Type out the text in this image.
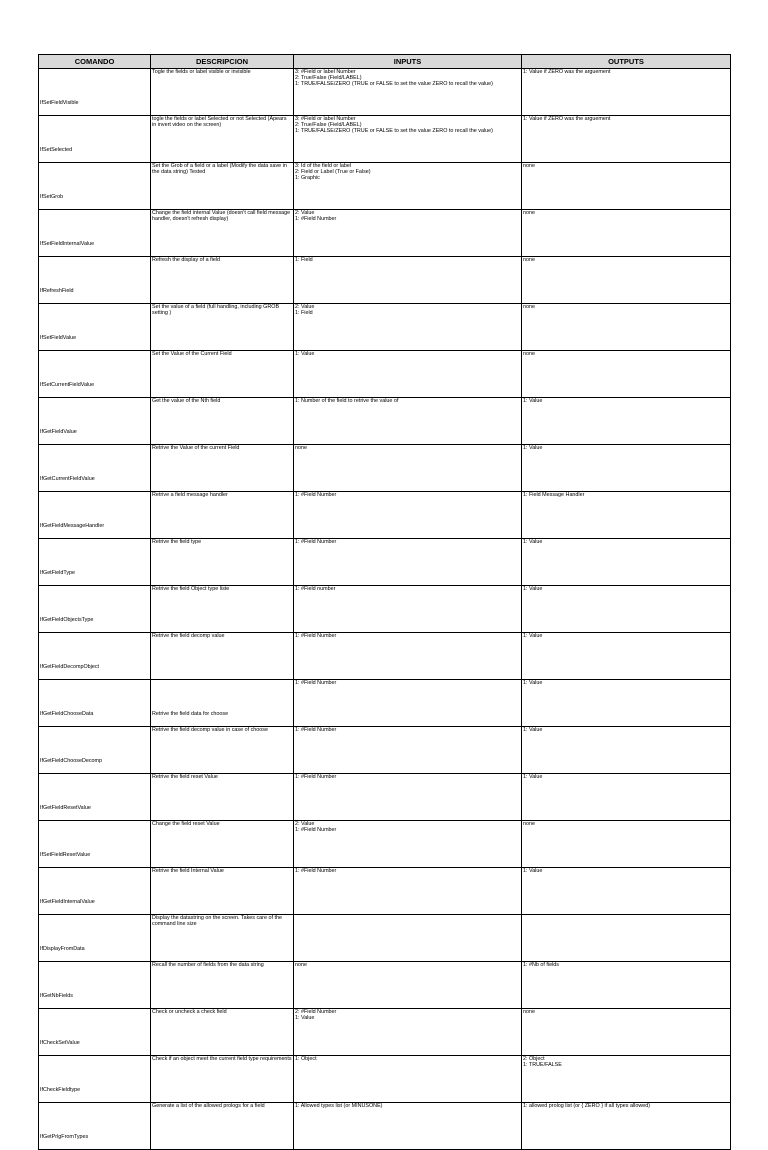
COMANDO	DESCRIPCION	INPUTS	OUTPUTS
IfSetFieldVisible	Togle the fields or label visible or invisible	3: #Field or label Number
2: True/False (Field/LABEL)
1: TRUE/FALSE/ZERO (TRUE or FALSE to set the value ZERO to recall the value)	1: Value if ZERO was the arguement
IfSetSelected	togle the fields or label Selected or not Selected (Apears in invert video on the screen)	3: #Field or label Number
2: True/False (Field/LABEL)
1: TRUE/FALSE/ZERO (TRUE or FALSE to set the value ZERO to recall the value)	1: Value if ZERO was the arguement
IfSetGrob	Set the Grob of a field or a label (Modify the data save in the data string) Tested	3: Id of the field or label
2: Field or Label (True or False)
1: Graphic	none
IfSetFieldInternalValue	Change the field internal Value (doesn't call field message handler, doesn't refresh display)	2: Value
1: #Field Number	none
IfRefreshField	Refresh the display of a field	1: Field	none
IfSetFieldValue	Set the value of a field (full handling, including GROB setting )	2: Value
1: Field	none
IfSetCurrentFieldValue	Set the Value of the Current Field	1: Value	none
IfGetFieldValue	Get the value of the Nth field	1: Number of the field to retrive the value of	1: Value
IfGetCurrentFieldValue	Retrive the Value of the current Field	none	1: Value
IfGetFieldMessageHandler	Retrive a field message handler	1: #Field Number	1: Field Message Handler
IfGetFieldType	Retrive the field type	1: #Field Number	1: Value
IfGetFieldObjectsType	Retrive the field Object type liste	1: #Field number	1: Value
IfGetFieldDecompObject	Retrive the field decomp value	1: #Field Number	1: Value
IfGetFieldChooseData	Retrive the field data for choose	1: #Field Number	1: Value
IfGetFieldChooseDecomp	Retrive the field decomp value in case of choose	1: #Field Number	1: Value
IfGetFieldResetValue	Retrive the field reset Value	1: #Field Number	1: Value
IfSetFieldResetValue	Change the field reset Value	2: Value
1: #Field Number	none
IfGetFieldInternalValue	Retrive the field Internal Value	1: #Field Number	1: Value
IfDisplayFromData	Display the datastring on the screen. Takes care of the command line size		
IfGetNbFields	Recall the number of fields from the data string	none	1: #Nb of fields
IfCheckSetValue	Check or uncheck a check field	2: #Field Number
1: Value	none
IfCheckFieldtype	Check if an object meet the current field type requirements	1: Object	2: Object
1: TRUE/FALSE
IfGetPrlgFromTypes	Generate a list of the allowed prologs for a field	1: Allowed types list (or MINUSONE)	1: allowed prolog list (or { ZERO } if all types allowed)
